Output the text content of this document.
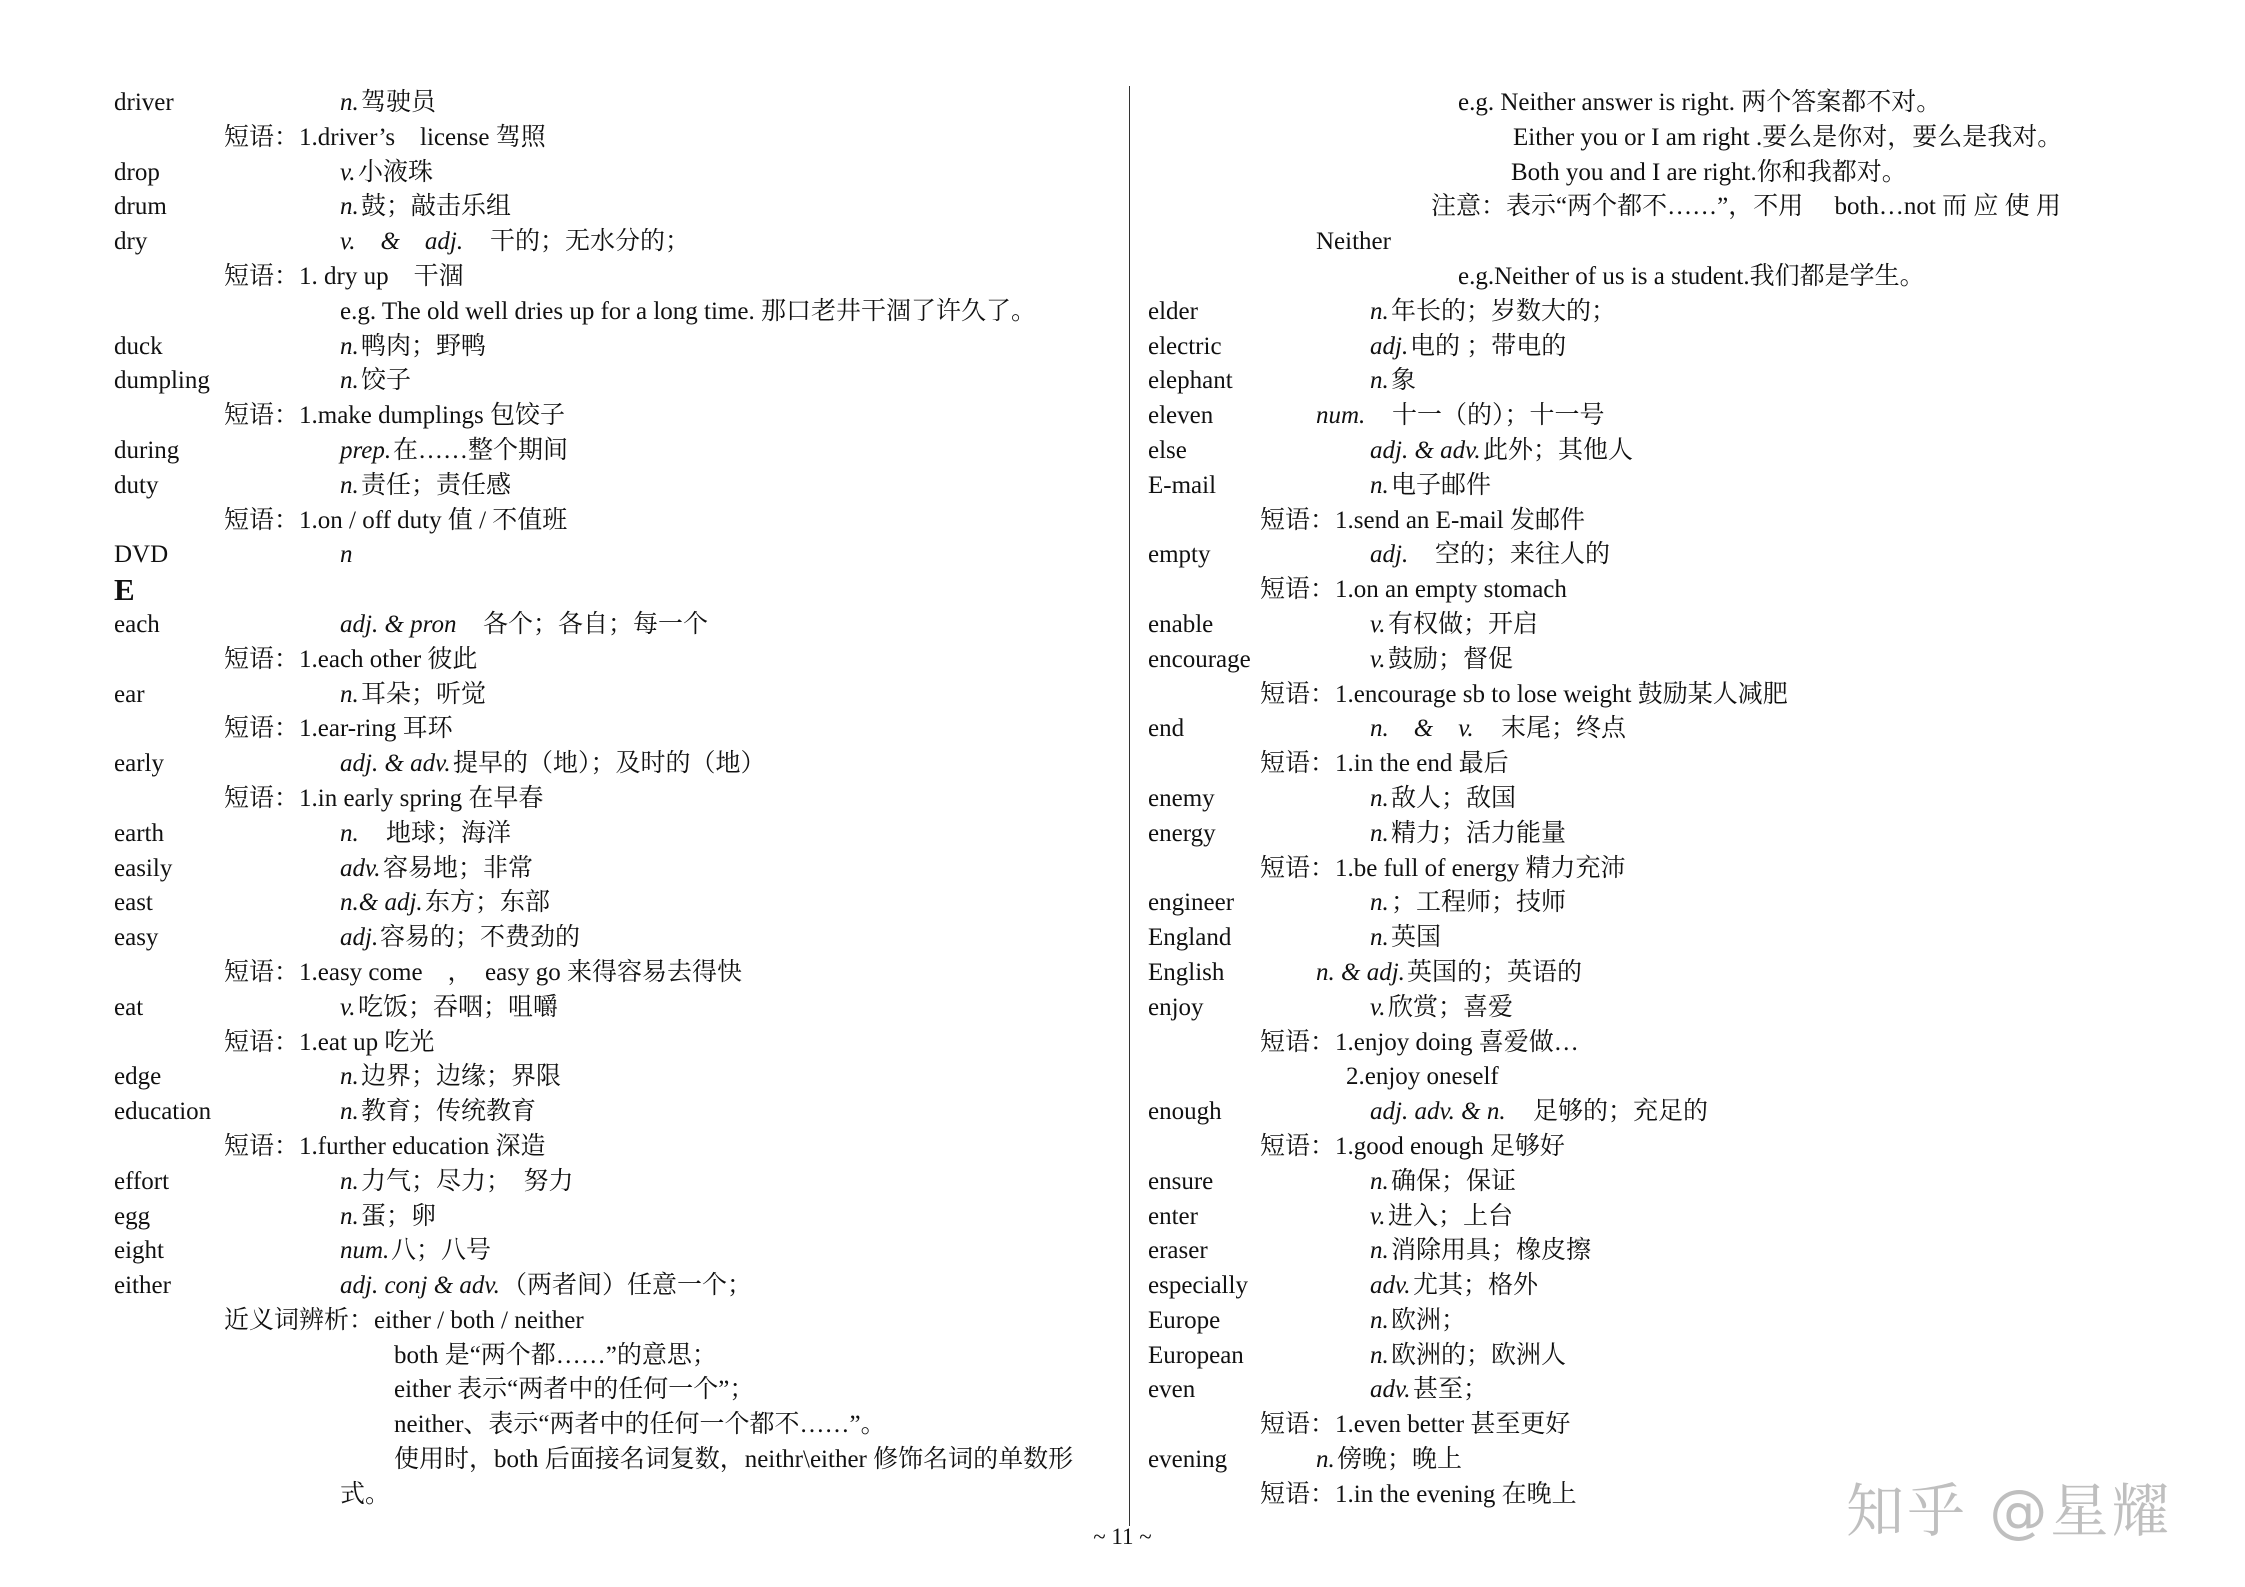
driver	n. 驾驶员
短语： 1.driver’s　license 驾照
drop	v. 小液珠
drum	n. 鼓；敲击乐组
dry	v.　&　adj. 　干的；无水分的；
短语： 1. dry up　干涸
e.g. The old well dries up for a long time. 那口老井干涸了许久了。
duck	n. 鸭肉；野鸭
dumpling	n. 饺子
短语： 1.make dumplings 包饺子
during	prep. 在……整个期间
duty	n. 责任；责任感
短语： 1.on / off duty 值 / 不值班
DVD	n
E
each	adj. & pron 　各个；各自；每一个
短语： 1.each other 彼此
ear	n. 耳朵；听觉
短语： 1.ear-ring 耳环
early	adj. & adv. 提早的（地）；及时的（地）
短语： 1.in early spring 在早春
earth	n. 　地球；海洋
easily	adv. 容易地；非常
east	n.& adj. 东方；东部
easy	adj. 容易的；不费劲的
短语： 1.easy come　，　easy go 来得容易去得快
eat	v. 吃饭；吞咽；咀嚼
短语： 1.eat up 吃光
edge	n. 边界；边缘；界限
education	n. 教育；传统教育
短语： 1.further education 深造
effort	n. 力气；尽力；　努力
egg	n. 蛋；卵
eight	num. 八；八号
either	adj. conj & adv. （两者间）任意一个；
近义词辨析： either / both / neither
both 是“两个都……”的意思；
either 表示“两者中的任何一个”；
neither、表示“两者中的任何一个都不……”。
使用时，both 后面接名词复数，neithr\either 修饰名词的单数形
式。
e.g. Neither answer is right. 两个答案都不对。
Either you or I am right .要么是你对，要么是我对。
Both you and I are right.你和我都对。
注意：表示“两个都不……”，不用　 both…not 而 应 使 用
Neither
e.g.Neither of us is a student.我们都是学生。
elder	n. 年长的；岁数大的；
electric	adj. 电的 ；带电的
elephant	n. 象
eleven	num. 　十一（的）；十一号
else	adj. & adv. 此外；其他人
E-mail	n. 电子邮件
短语： 1.send an E-mail 发邮件
empty	adj. 　空的；来往人的
短语： 1.on an empty stomach
enable	v. 有权做；开启
encourage	v. 鼓励；督促
短语： 1.encourage sb to lose weight 鼓励某人减肥
end	n.　&　v. 　末尾；终点
短语： 1.in the end 最后
enemy	n. 敌人；敌国
energy	n. 精力；活力能量
短语： 1.be full of energy 精力充沛
engineer	n. ；工程师；技师
England	n. 英国
English	n. & adj. 英国的；英语的
enjoy	v. 欣赏；喜爱
短语： 1.enjoy doing 喜爱做…
2.enjoy oneself
enough	adj. adv. & n. 　足够的；充足的
短语： 1.good enough 足够好
ensure	n. 确保；保证
enter	v. 进入；上台
eraser	n. 消除用具；橡皮擦
especially	adv. 尤其；格外
Europe	n. 欧洲；
European	n. 欧洲的；欧洲人
even	adv. 甚至；
短语： 1.even better 甚至更好
evening	n. 傍晚；晚上
短语： 1.in the evening 在晚上
~ 11 ~	知乎 @星耀
